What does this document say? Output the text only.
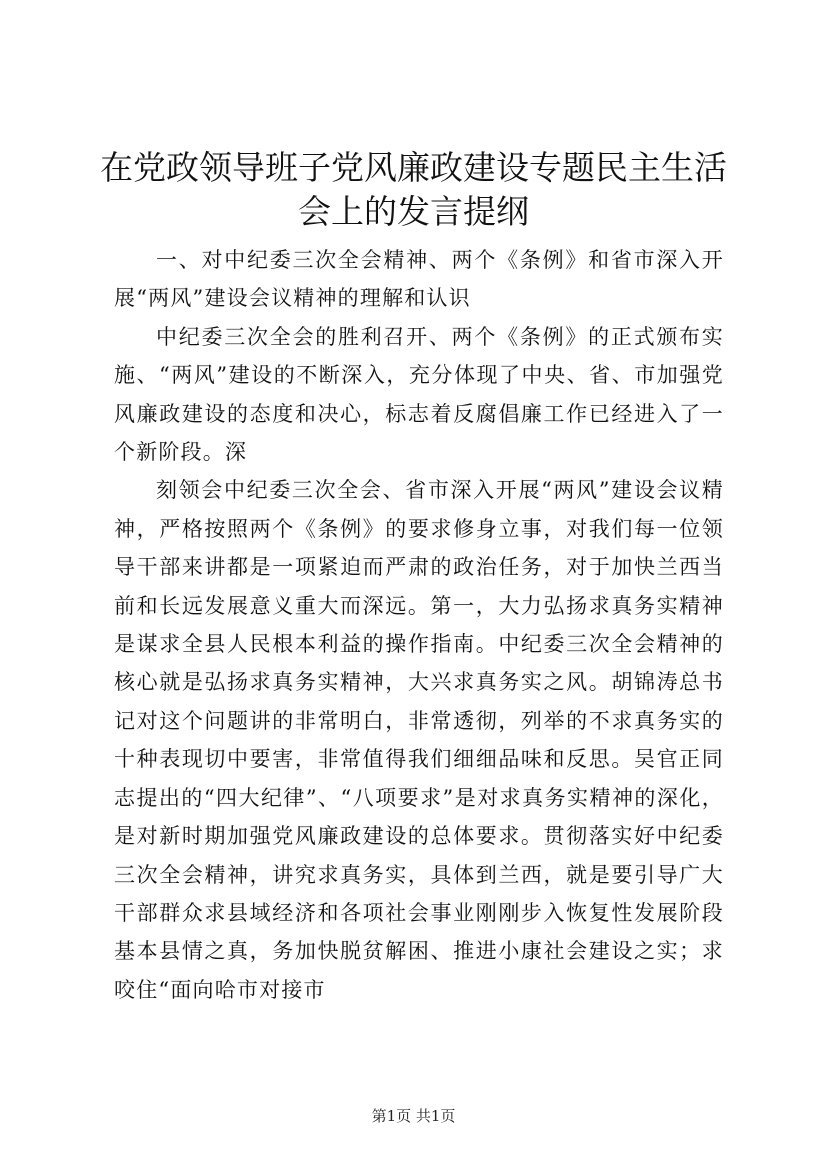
在党政领导班子党风廉政建设专题民主生活会上的发言提纲

一、对中纪委三次全会精神、两个《条例》和省市深入开展“两风”建设会议精神的理解和认识

中纪委三次全会的胜利召开、两个《条例》的正式颁布实施、“两风”建设的不断深入，充分体现了中央、省、市加强党风廉政建设的态度和决心，标志着反腐倡廉工作已经进入了一个新阶段。深

刻领会中纪委三次全会、省市深入开展“两风”建设会议精神，严格按照两个《条例》的要求修身立事，对我们每一位领导干部来讲都是一项紧迫而严肃的政治任务，对于加快兰西当前和长远发展意义重大而深远。第一，大力弘扬求真务实精神是谋求全县人民根本利益的操作指南。中纪委三次全会精神的核心就是弘扬求真务实精神，大兴求真务实之风。胡锦涛总书记对这个问题讲的非常明白，非常透彻，列举的不求真务实的十种表现切中要害，非常值得我们细细品味和反思。吴官正同志提出的“四大纪律”、“八项要求”是对求真务实精神的深化，是对新时期加强党风廉政建设的总体要求。贯彻落实好中纪委三次全会精神，讲究求真务实，具体到兰西，就是要引导广大干部群众求县域经济和各项社会事业刚刚步入恢复性发展阶段基本县情之真，务加快脱贫解困、推进小康社会建设之实；求咬住“面向哈市对接市

第1页 共1页
